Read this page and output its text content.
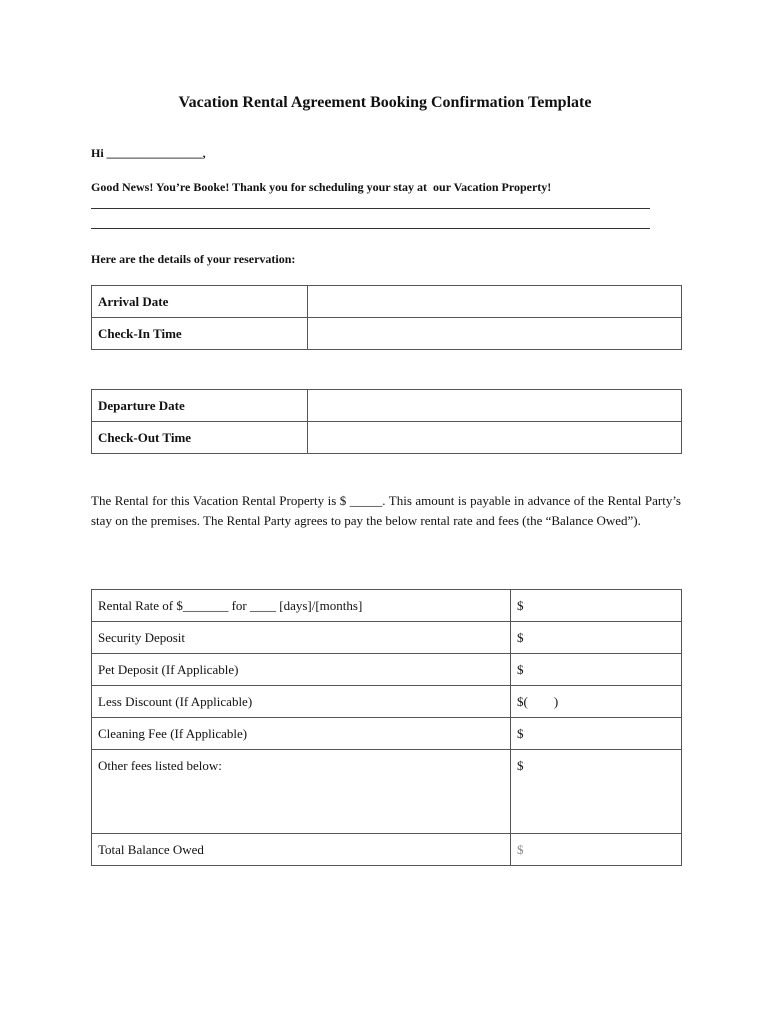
Vacation Rental Agreement Booking Confirmation Template
Hi ________________,
Good News! You’re Booke! Thank you for scheduling your stay at  our Vacation Property!
Here are the details of your reservation:
Arrival Date	
Check-In Time	
Departure Date	
Check-Out Time	
The Rental for this Vacation Rental Property is $ _____. This amount is payable in advance of the Rental Party’s stay on the premises. The Rental Party agrees to pay the below rental rate and fees (the “Balance Owed”).
Rental Rate of $_______ for ____ [days]/[months]	$
Security Deposit	$
Pet Deposit (If Applicable)	$
Less Discount (If Applicable)	$(        )
Cleaning Fee (If Applicable)	$
Other fees listed below:	$
Total Balance Owed	$
